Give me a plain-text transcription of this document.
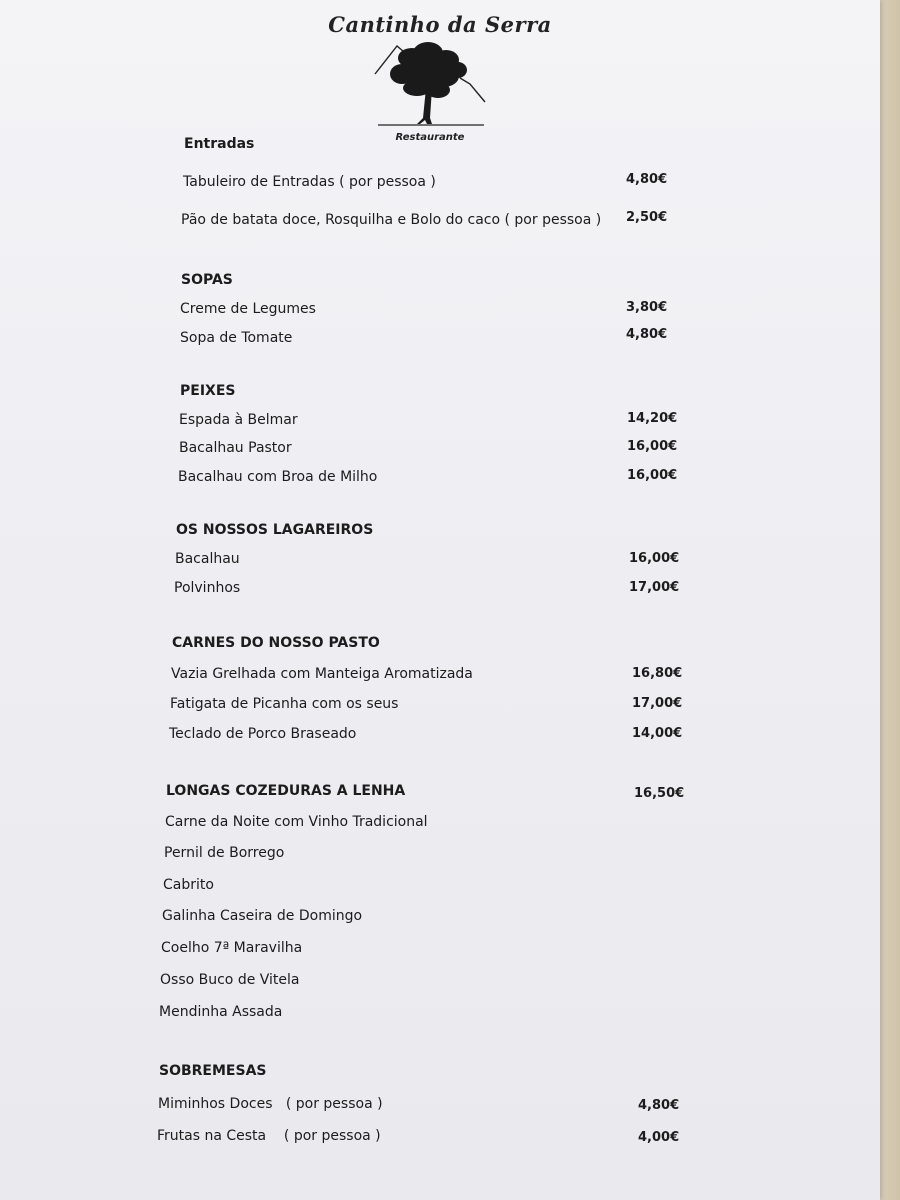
Cantinho da Serra
Restaurante
Entradas
Tabuleiro de Entradas ( por pessoa )	4,80€
Pão de batata doce, Rosquilha e Bolo do caco ( por pessoa ) 2,50€
SOPAS
Creme de Legumes	3,80€
Sopa de Tomate	4,80€
PEIXES
Espada à Belmar	14,20€
Bacalhau Pastor	16,00€
Bacalhau com Broa de Milho	16,00€
OS NOSSOS LAGAREIROS
Bacalhau	16,00€
Polvinhos	17,00€
CARNES DO NOSSO PASTO
Vazia Grelhada com Manteiga Aromatizada	16,80€
Fatigata de Picanha com os seus	17,00€
Teclado de Porco Braseado	14,00€
LONGAS COZEDURAS A LENHA	16,50€
Carne da Noite com Vinho Tradicional
Pernil de Borrego
Cabrito
Galinha Caseira de Domingo
Coelho 7ª Maravilha
Osso Buco de Vitela
Mendinha Assada
SOBREMESAS
Miminhos Doces   ( por pessoa )	4,80€
Frutas na Cesta    ( por pessoa )	4,00€
